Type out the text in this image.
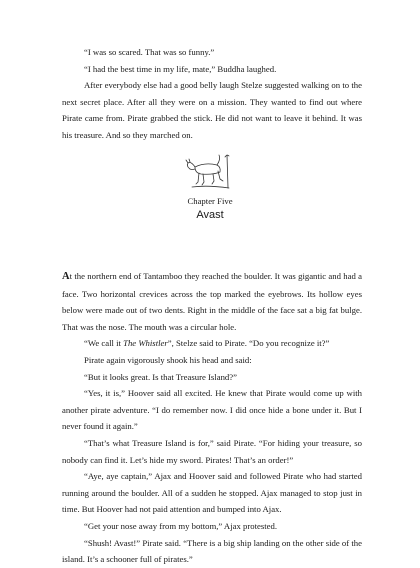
“I was so scared. That was so funny.”

“I had the best time in my life, mate,” Buddha laughed.

After everybody else had a good belly laugh Stelze suggested walking on to the next secret place. After all they were on a mission. They wanted to find out where Pirate came from. Pirate grabbed the stick. He did not want to leave it behind. It was his treasure. And so they marched on.

Chapter Five
Avast

At the northern end of Tantamboo they reached the boulder. It was gigantic and had a face. Two horizontal crevices across the top marked the eyebrows. Its hollow eyes below were made out of two dents. Right in the middle of the face sat a big fat bulge. That was the nose. The mouth was a circular hole.

“We call it The Whistler”, Stelze said to Pirate. “Do you recognize it?”

Pirate again vigorously shook his head and said:

“But it looks great. Is that Treasure Island?”

“Yes, it is,” Hoover said all excited. He knew that Pirate would come up with another pirate adventure. “I do remember now. I did once hide a bone under it. But I never found it again.”

“That’s what Treasure Island is for,” said Pirate. “For hiding your treasure, so nobody can find it. Let’s hide my sword. Pirates! That’s an order!”

“Aye, aye captain,” Ajax and Hoover said and followed Pirate who had started running around the boulder. All of a sudden he stopped. Ajax managed to stop just in time. But Hoover had not paid attention and bumped into Ajax.

“Get your nose away from my bottom,” Ajax protested.

“Shush! Avast!” Pirate said. “There is a big ship landing on the other side of the island. It’s a schooner full of pirates.”
